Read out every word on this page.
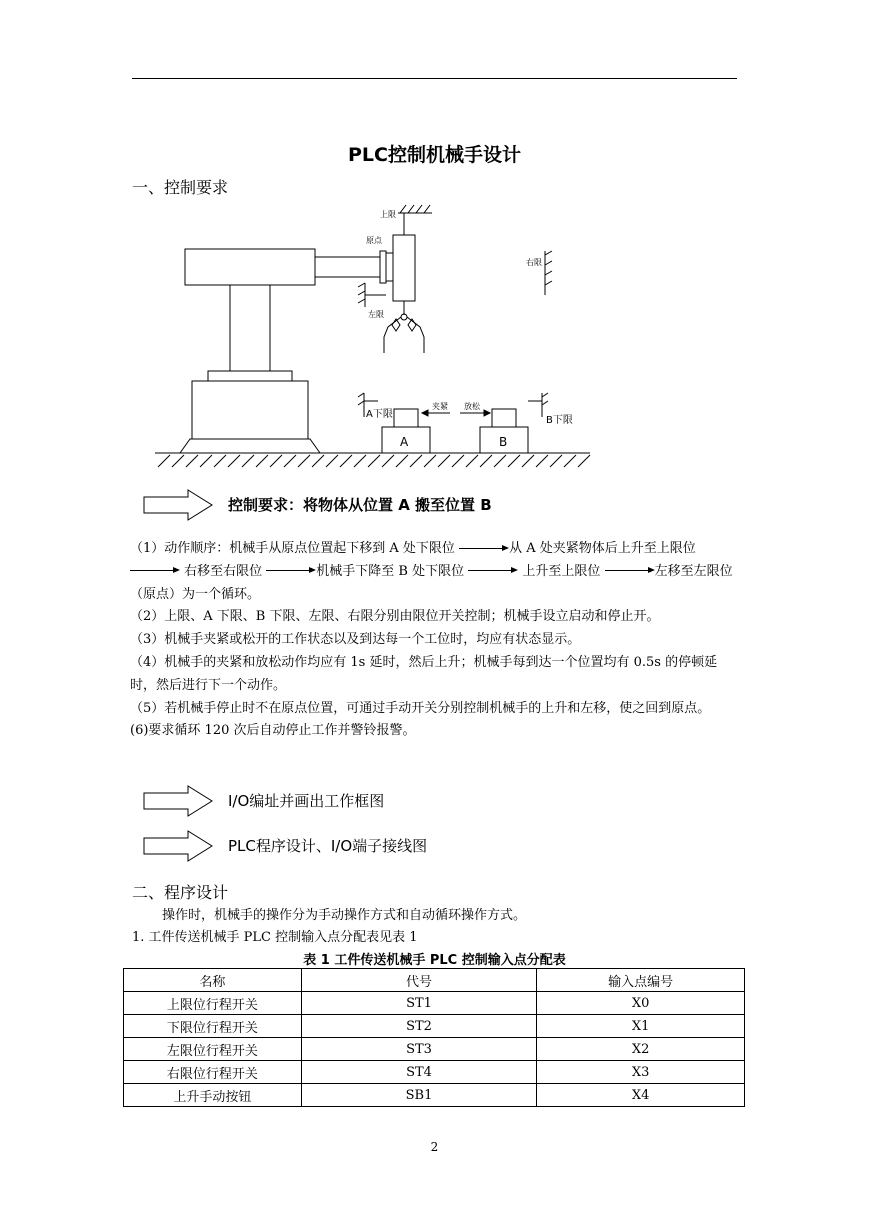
PLC控制机械手设计
一、控制要求
上限
原点
左限
右限
A下限
夹紧 放松
B下限
A	B
控制要求：将物体从位置 A 搬至位置 B

（1）动作顺序：机械手从原点位置起下移到 A 处下限位	从 A 处夹紧物体后上升至上限位  右移至右限位	机械手下降至 B 处下限位	上升至上限位	左移至左限位（原点）为一个循环。

（2）上限、A 下限、B 下限、左限、右限分别由限位开关控制；机械手设立启动和停止开。

（3）机械手夹紧或松开的工作状态以及到达每一个工位时，均应有状态显示。

（4）机械手的夹紧和放松动作均应有 1s 延时，然后上升；机械手每到达一个位置均有 0.5s 的停顿延时，然后进行下一个动作。

（5）若机械手停止时不在原点位置，可通过手动开关分别控制机械手的上升和左移，使之回到原点。

(6)要求循环 120 次后自动停止工作并警铃报警。

I/O编址并画出工作框图
PLC程序设计、I/O端子接线图
二、程序设计
操作时，机械手的操作分为手动操作方式和自动循环操作方式。
1. 工件传送机械手 PLC 控制输入点分配表见表 1
表 1 工件传送机械手 PLC 控制输入点分配表
名称	代号	输入点编号
上限位行程开关	ST1	X0
下限位行程开关	ST2	X1
左限位行程开关	ST3	X2
右限位行程开关	ST4	X3
上升手动按钮	SB1	X4
2
